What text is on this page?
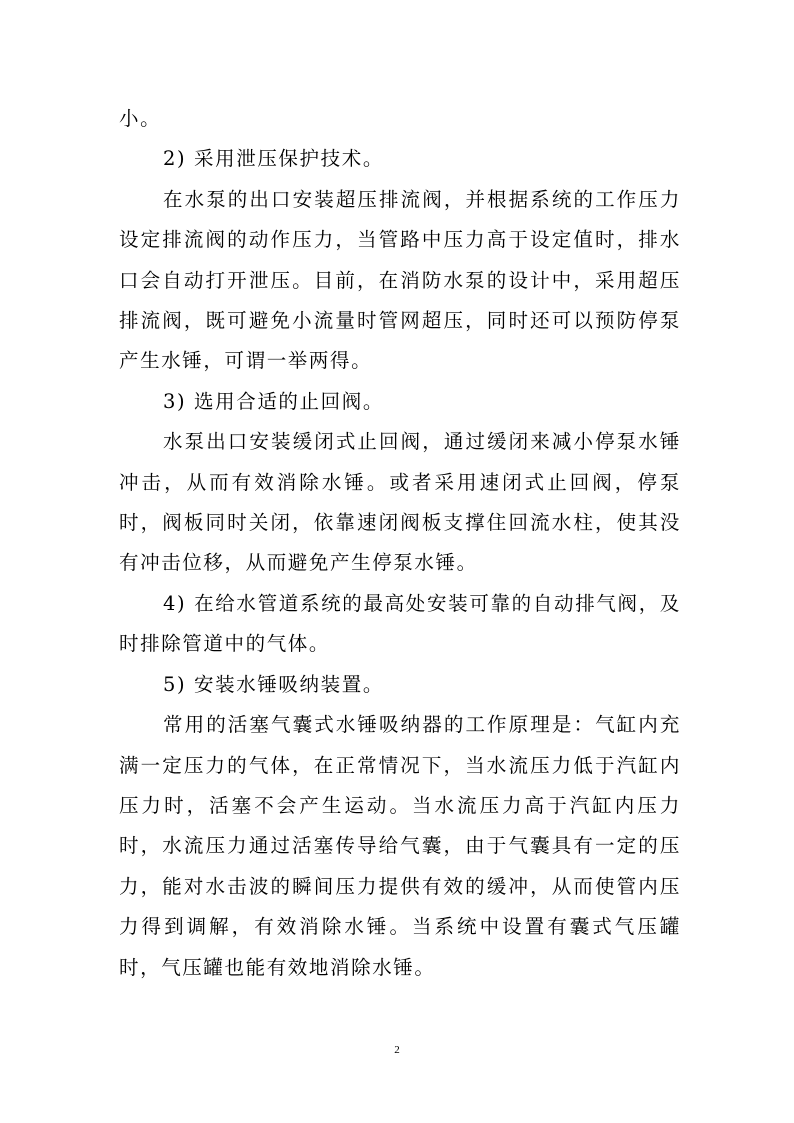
小。

2) 采用泄压保护技术。

在水泵的出口安装超压排流阀，并根据系统的工作压力设定排流阀的动作压力，当管路中压力高于设定值时，排水口会自动打开泄压。目前，在消防水泵的设计中，采用超压排流阀，既可避免小流量时管网超压，同时还可以预防停泵产生水锤，可谓一举两得。

3) 选用合适的止回阀。

水泵出口安装缓闭式止回阀，通过缓闭来减小停泵水锤冲击，从而有效消除水锤。或者采用速闭式止回阀，停泵时，阀板同时关闭，依靠速闭阀板支撑住回流水柱，使其没有冲击位移，从而避免产生停泵水锤。

4) 在给水管道系统的最高处安装可靠的自动排气阀，及时排除管道中的气体。

5) 安装水锤吸纳装置。

常用的活塞气囊式水锤吸纳器的工作原理是：气缸内充满一定压力的气体，在正常情况下，当水流压力低于汽缸内压力时，活塞不会产生运动。当水流压力高于汽缸内压力时，水流压力通过活塞传导给气囊，由于气囊具有一定的压力，能对水击波的瞬间压力提供有效的缓冲，从而使管内压力得到调解，有效消除水锤。当系统中设置有囊式气压罐时，气压罐也能有效地消除水锤。

2
